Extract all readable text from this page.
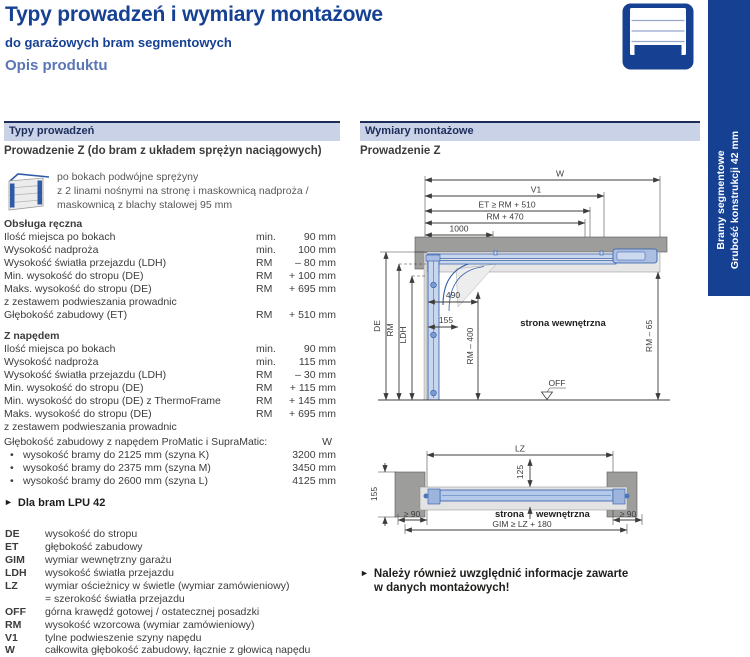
Typy prowadzeń i wymiary montażowe
do garażowych bram segmentowych
Opis produktu
Bramy segmentowe Grubość konstrukcji 42 mm
Typy prowadzeń
Prowadzenie Z (do bram z układem sprężyn naciągowych)
po bokach podwójne sprężyny
z 2 linami nośnymi na stronę i maskownicą nadproża /
maskownicą z blachy stalowej 95 mm
Obsługa ręczna
Ilość miejsca po bokach	min.	90 mm
Wysokość nadproża	min. 100 mm
Wysokość światła przejazdu (LDH)	RM – 80 mm
Min. wysokość do stropu (DE)	RM + 100 mm
Maks. wysokość do stropu (DE)	RM + 695 mm
z zestawem podwieszania prowadnic
Głębokość zabudowy (ET)	RM + 510 mm
Z napędem
Ilość miejsca po bokach	min.	90 mm
Wysokość nadproża	min. 115 mm
Wysokość światła przejazdu (LDH)	RM – 30 mm
Min. wysokość do stropu (DE)	RM + 115 mm
Min. wysokość do stropu (DE) z ThermoFrame	RM + 145 mm
Maks. wysokość do stropu (DE)	RM + 695 mm
z zestawem podwieszania prowadnic
Głębokość zabudowy z napędem ProMatic i SupraMatic:	W
• wysokość bramy do 2125 mm (szyna K)	3200 mm
• wysokość bramy do 2375 mm (szyna M)	3450 mm
• wysokość bramy do 2600 mm (szyna L)	4125 mm
► Dla bram LPU 42
DE wysokość do stropu
ET	głębokość zabudowy
GIM wymiar wewnętrzny garażu
LDH wysokość światła przejazdu
LZ	wymiar ościeżnicy w świetle (wymiar zamówieniowy)
= szerokość światła przejazdu
OFF górna krawędź gotowej / ostatecznej posadzki
RM wysokość wzorcowa (wymiar zamówieniowy)
V1	tylne podwieszenie szyny napędu
W	całkowita głębokość zabudowy, łącznie z głowicą napędu
Wymiary montażowe
Prowadzenie Z
W
V1
ET ≥ RM + 510
RM + 470
1000
490
155
RM – 400	RM – 65
strona wewnętrzna
DE RM LDH
OFF
LZ
125
155
strona wewnętrzna
≥ 90	≥ 90
GIM ≥ LZ + 180
► Należy również uwzględnić informacje zawarte
w danych montażowych!
